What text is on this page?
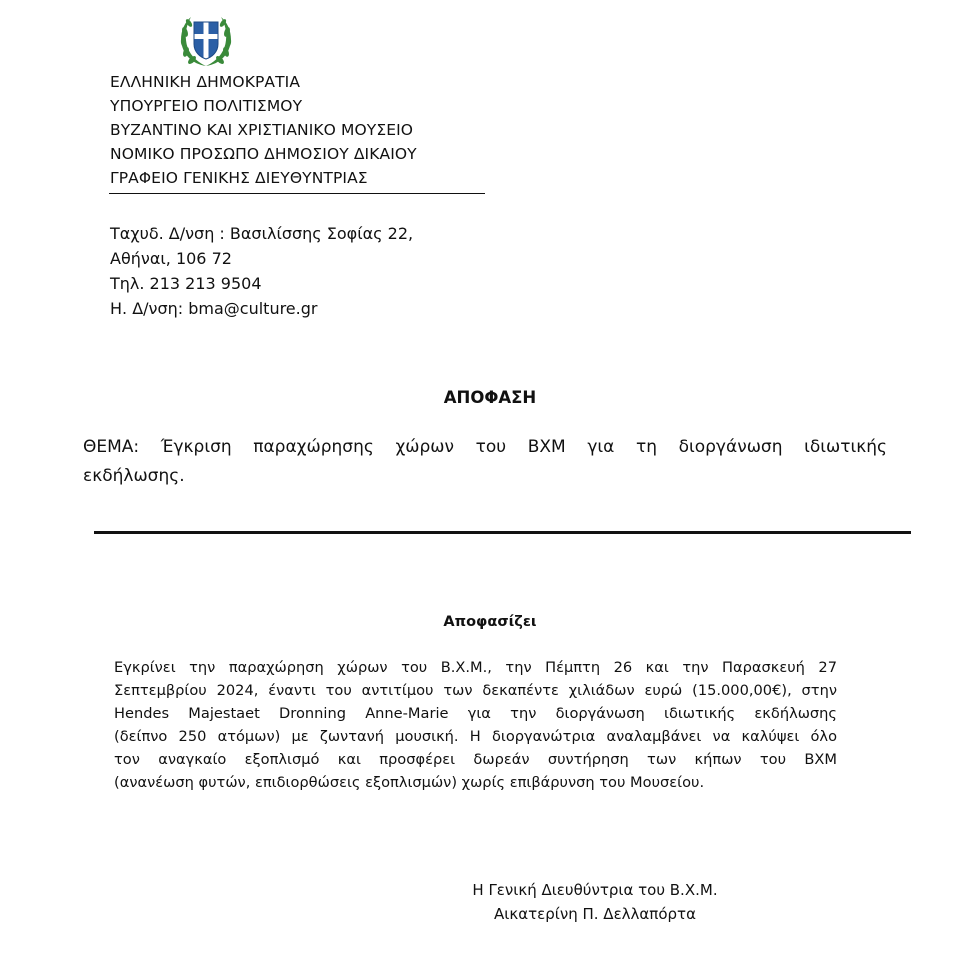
ΕΛΛΗΝΙΚΗ ΔΗΜΟΚΡΑΤΙΑ
ΥΠΟΥΡΓΕΙΟ ΠΟΛΙΤΙΣΜΟΥ
ΒΥΖΑΝΤΙΝΟ ΚΑΙ ΧΡΙΣΤΙΑΝΙΚΟ ΜΟΥΣΕΙΟ
ΝΟΜΙΚΟ ΠΡΟΣΩΠΟ ΔΗΜΟΣΙΟΥ ΔΙΚΑΙΟΥ
ΓΡΑΦΕΙΟ ΓΕΝΙΚΗΣ ΔΙΕΥΘΥΝΤΡΙΑΣ
Ταχυδ. Δ/νση : Βασιλίσσης Σοφίας 22,
Αθήναι, 106 72
Τηλ. 213 213 9504
Η. Δ/νση: bma@culture.gr
ΑΠΟΦΑΣΗ
ΘΕΜΑ: Έγκριση παραχώρησης χώρων του ΒΧΜ για τη διοργάνωση ιδιωτικής
εκδήλωσης.
Αποφασίζει
Εγκρίνει την παραχώρηση χώρων του Β.Χ.Μ., την Πέμπτη 26 και την Παρασκευή 27
Σεπτεμβρίου 2024, έναντι του αντιτίμου των δεκαπέντε χιλιάδων ευρώ (15.000,00€), στην
Hendes Majestaet Dronning Anne-Marie για την διοργάνωση ιδιωτικής εκδήλωσης
(δείπνο 250 ατόμων) με ζωντανή μουσική. Η διοργανώτρια αναλαμβάνει να καλύψει όλο
τον αναγκαίο εξοπλισμό και προσφέρει δωρεάν συντήρηση των κήπων του ΒΧΜ
(ανανέωση φυτών, επιδιορθώσεις εξοπλισμών) χωρίς επιβάρυνση του Μουσείου.
Η Γενική Διευθύντρια του Β.Χ.Μ.
Αικατερίνη Π. Δελλαπόρτα
